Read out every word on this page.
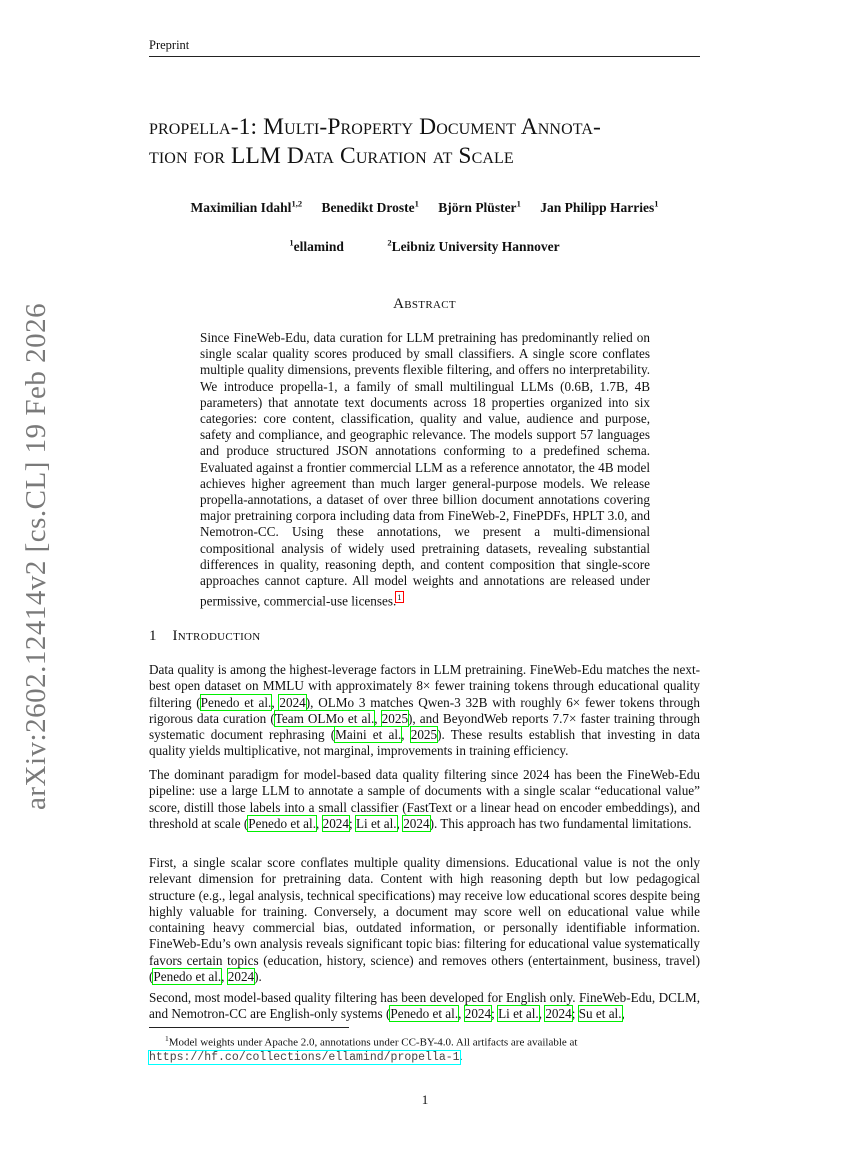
Preprint
propella-1: Multi-Property Document Annota-
tion for LLM Data Curation at Scale
Maximilian Idahl$^{1,2}$ Benedikt Droste$^1$ Björn Plüster$^1$ Jan Philipp Harries$^1$
$^1$ellamind	$^2$Leibniz University Hannover
Abstract
Since FineWeb-Edu, data curation for LLM pretraining has predominantly relied on single scalar quality scores produced by small classifiers. A single score conflates multiple quality dimensions, prevents flexible filtering, and offers no interpretability. We introduce propella-1, a family of small multilingual LLMs (0.6B, 1.7B, 4B parameters) that annotate text documents across 18 properties organized into six categories: core content, classification, quality and value, audience and purpose, safety and compliance, and geographic relevance. The models support 57 languages and produce structured JSON annotations conforming to a predefined schema. Evaluated against a frontier commercial LLM as a reference annotator, the 4B model achieves higher agreement than much larger general-purpose models. We release propella-annotations, a dataset of over three billion document annotations covering major pretraining corpora including data from FineWeb-2, FinePDFs, HPLT 3.0, and Nemotron-CC. Using these annotations, we present a multi-dimensional compositional analysis of widely used pretraining datasets, revealing substantial differences in quality, reasoning depth, and content composition that single-score approaches cannot capture. All model weights and annotations are released under permissive, commercial-use licenses.$^1$
1 Introduction
Data quality is among the highest-leverage factors in LLM pretraining. FineWeb-Edu matches the next-best open dataset on MMLU with approximately 8× fewer training tokens through educational quality filtering (Penedo et al., 2024), OLMo 3 matches Qwen-3 32B with roughly 6× fewer tokens through rigorous data curation (Team OLMo et al., 2025), and BeyondWeb reports 7.7× faster training through systematic document rephrasing (Maini et al., 2025). These results establish that investing in data quality yields multiplicative, not marginal, improvements in training efficiency.
The dominant paradigm for model-based data quality filtering since 2024 has been the FineWeb-Edu pipeline: use a large LLM to annotate a sample of documents with a single scalar “educational value” score, distill those labels into a small classifier (FastText or a linear head on encoder embeddings), and threshold at scale (Penedo et al., 2024; Li et al., 2024). This approach has two fundamental limitations.
First, a single scalar score conflates multiple quality dimensions. Educational value is not the only relevant dimension for pretraining data. Content with high reasoning depth but low pedagogical structure (e.g., legal analysis, technical specifications) may receive low educational scores despite being highly valuable for training. Conversely, a document may score well on educational value while containing heavy commercial bias, outdated information, or personally identifiable information. FineWeb-Edu’s own analysis reveals significant topic bias: filtering for educational value systematically favors certain topics (education, history, science) and removes others (entertainment, business, travel) (Penedo et al., 2024).
Second, most model-based quality filtering has been developed for English only. FineWeb-Edu, DCLM, and Nemotron-CC are English-only systems (Penedo et al., 2024; Li et al., 2024; Su et al.,
$^1$Model weights under Apache 2.0, annotations under CC-BY-4.0. All artifacts are available at https://hf.co/collections/ellamind/propella-1.
1
arXiv:2602.12414v2 [cs.CL] 19 Feb 2026
